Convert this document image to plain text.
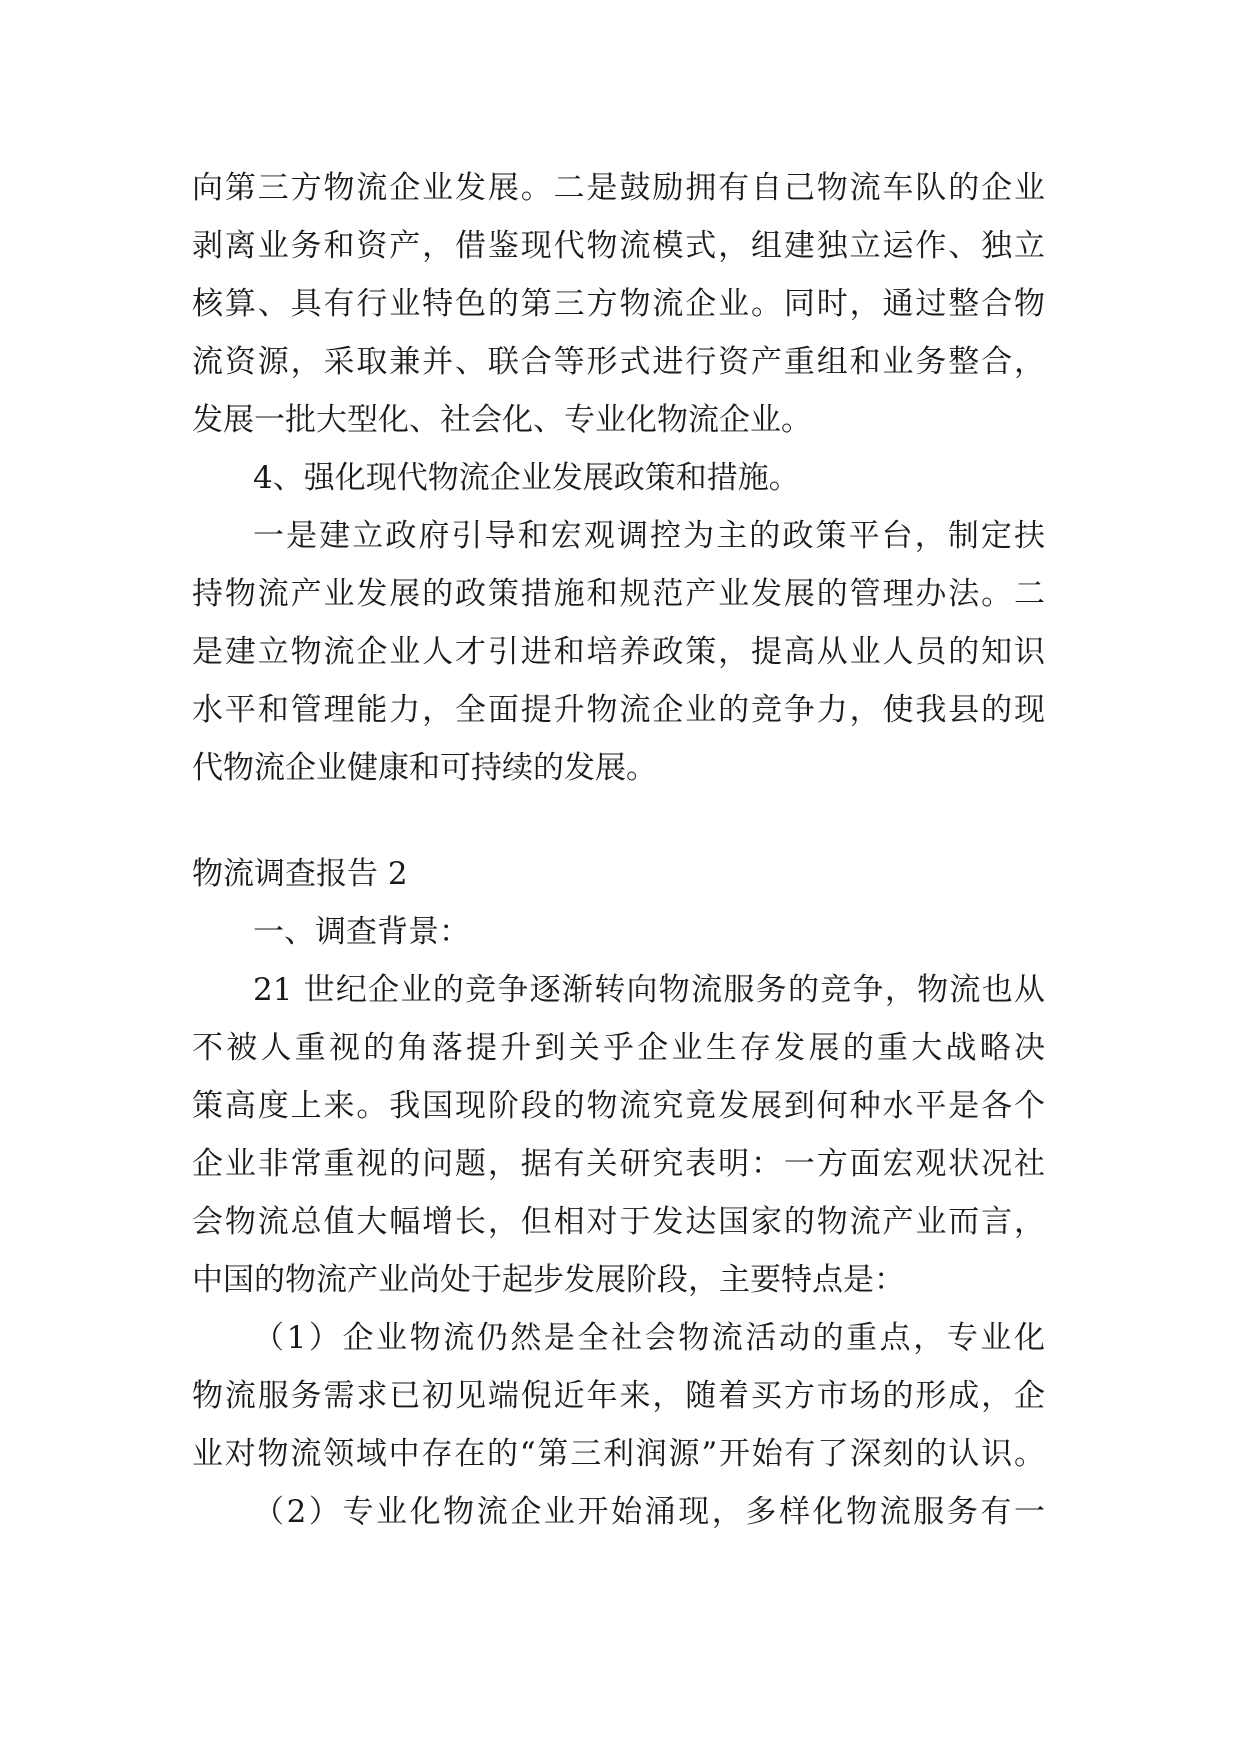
向第三方物流企业发展。二是鼓励拥有自己物流车队的企业
剥离业务和资产，借鉴现代物流模式，组建独立运作、独立
核算、具有行业特色的第三方物流企业。同时，通过整合物
流资源，采取兼并、联合等形式进行资产重组和业务整合，
发展一批大型化、社会化、专业化物流企业。
4、强化现代物流企业发展政策和措施。
一是建立政府引导和宏观调控为主的政策平台，制定扶
持物流产业发展的政策措施和规范产业发展的管理办法。二
是建立物流企业人才引进和培养政策，提高从业人员的知识
水平和管理能力，全面提升物流企业的竞争力，使我县的现
代物流企业健康和可持续的发展。
物流调查报告 2
一、调查背景：
21 世纪企业的竞争逐渐转向物流服务的竞争，物流也从
不被人重视的角落提升到关乎企业生存发展的重大战略决
策高度上来。我国现阶段的物流究竟发展到何种水平是各个
企业非常重视的问题，据有关研究表明：一方面宏观状况社
会物流总值大幅增长，但相对于发达国家的物流产业而言，
中国的物流产业尚处于起步发展阶段，主要特点是：
（1）企业物流仍然是全社会物流活动的重点，专业化
物流服务需求已初见端倪近年来，随着买方市场的形成，企
业对物流领域中存在的“第三利润源”开始有了深刻的认识。
（2）专业化物流企业开始涌现，多样化物流服务有一
